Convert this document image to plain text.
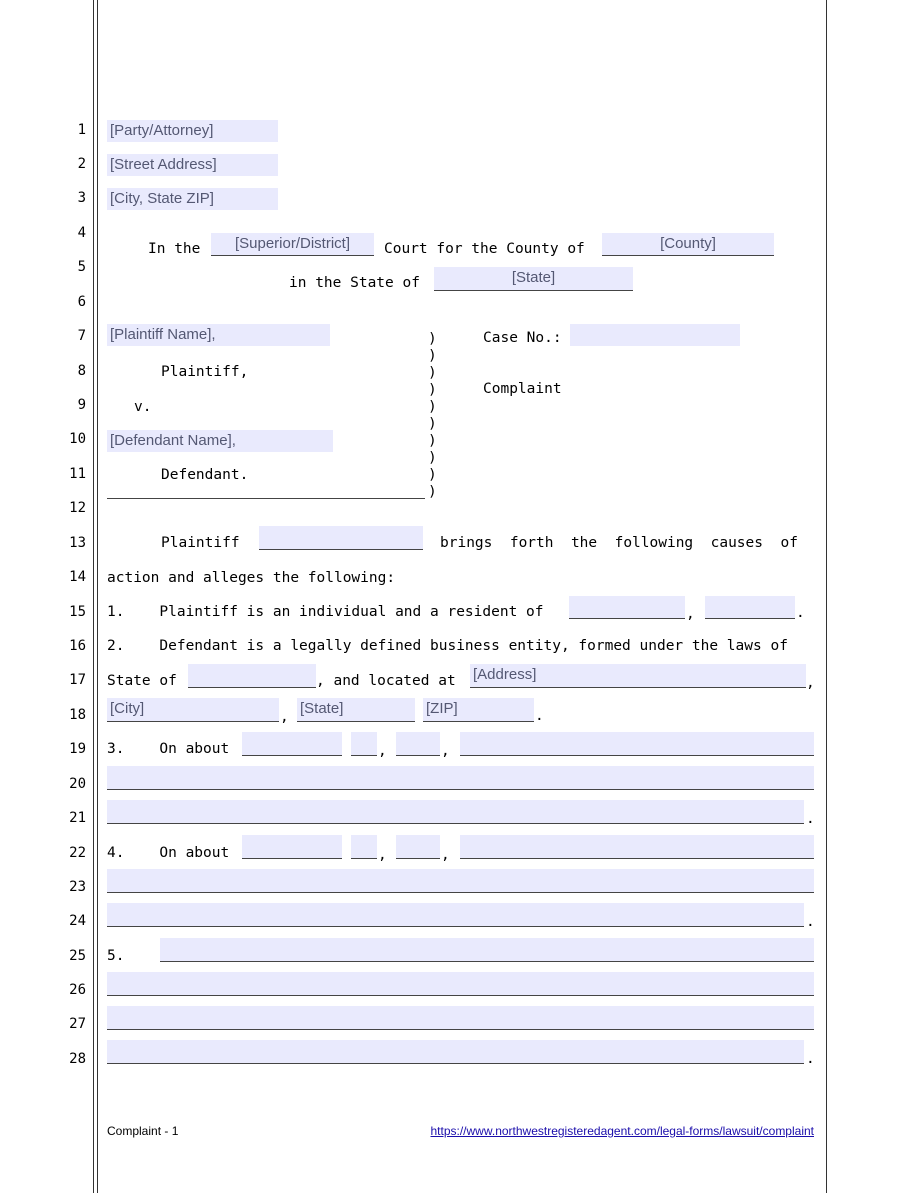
1
2
3
4
5
6
7
8
9
10
11
12
13
14
15
16
17
18
19
20
21
22
23
24
25
26
27
28
[Party/Attorney]
[Street Address]
[City, State ZIP]
In the	[Superior/District]	Court for the County of	[County]
in the State of	[State]
[Plaintiff Name],
Plaintiff,
v.
[Defendant Name],
Defendant.
)
)
)
)
)
)
)
)
)
)
Case No.:
Complaint
Plaintiff	brings  forth  the  following  causes  of
action and alleges the following:
1.    Plaintiff is an individual and a resident of	,	.
2.    Defendant is a legally defined business entity, formed under the laws of
State of	, and located at [Address]	,
[City]	, [State]	[ZIP]	.
3.    On about	,	,
.
4.    On about	,	,
.
5.
.
Complaint - 1	https://www.northwestregisteredagent.com/legal-forms/lawsuit/complaint
